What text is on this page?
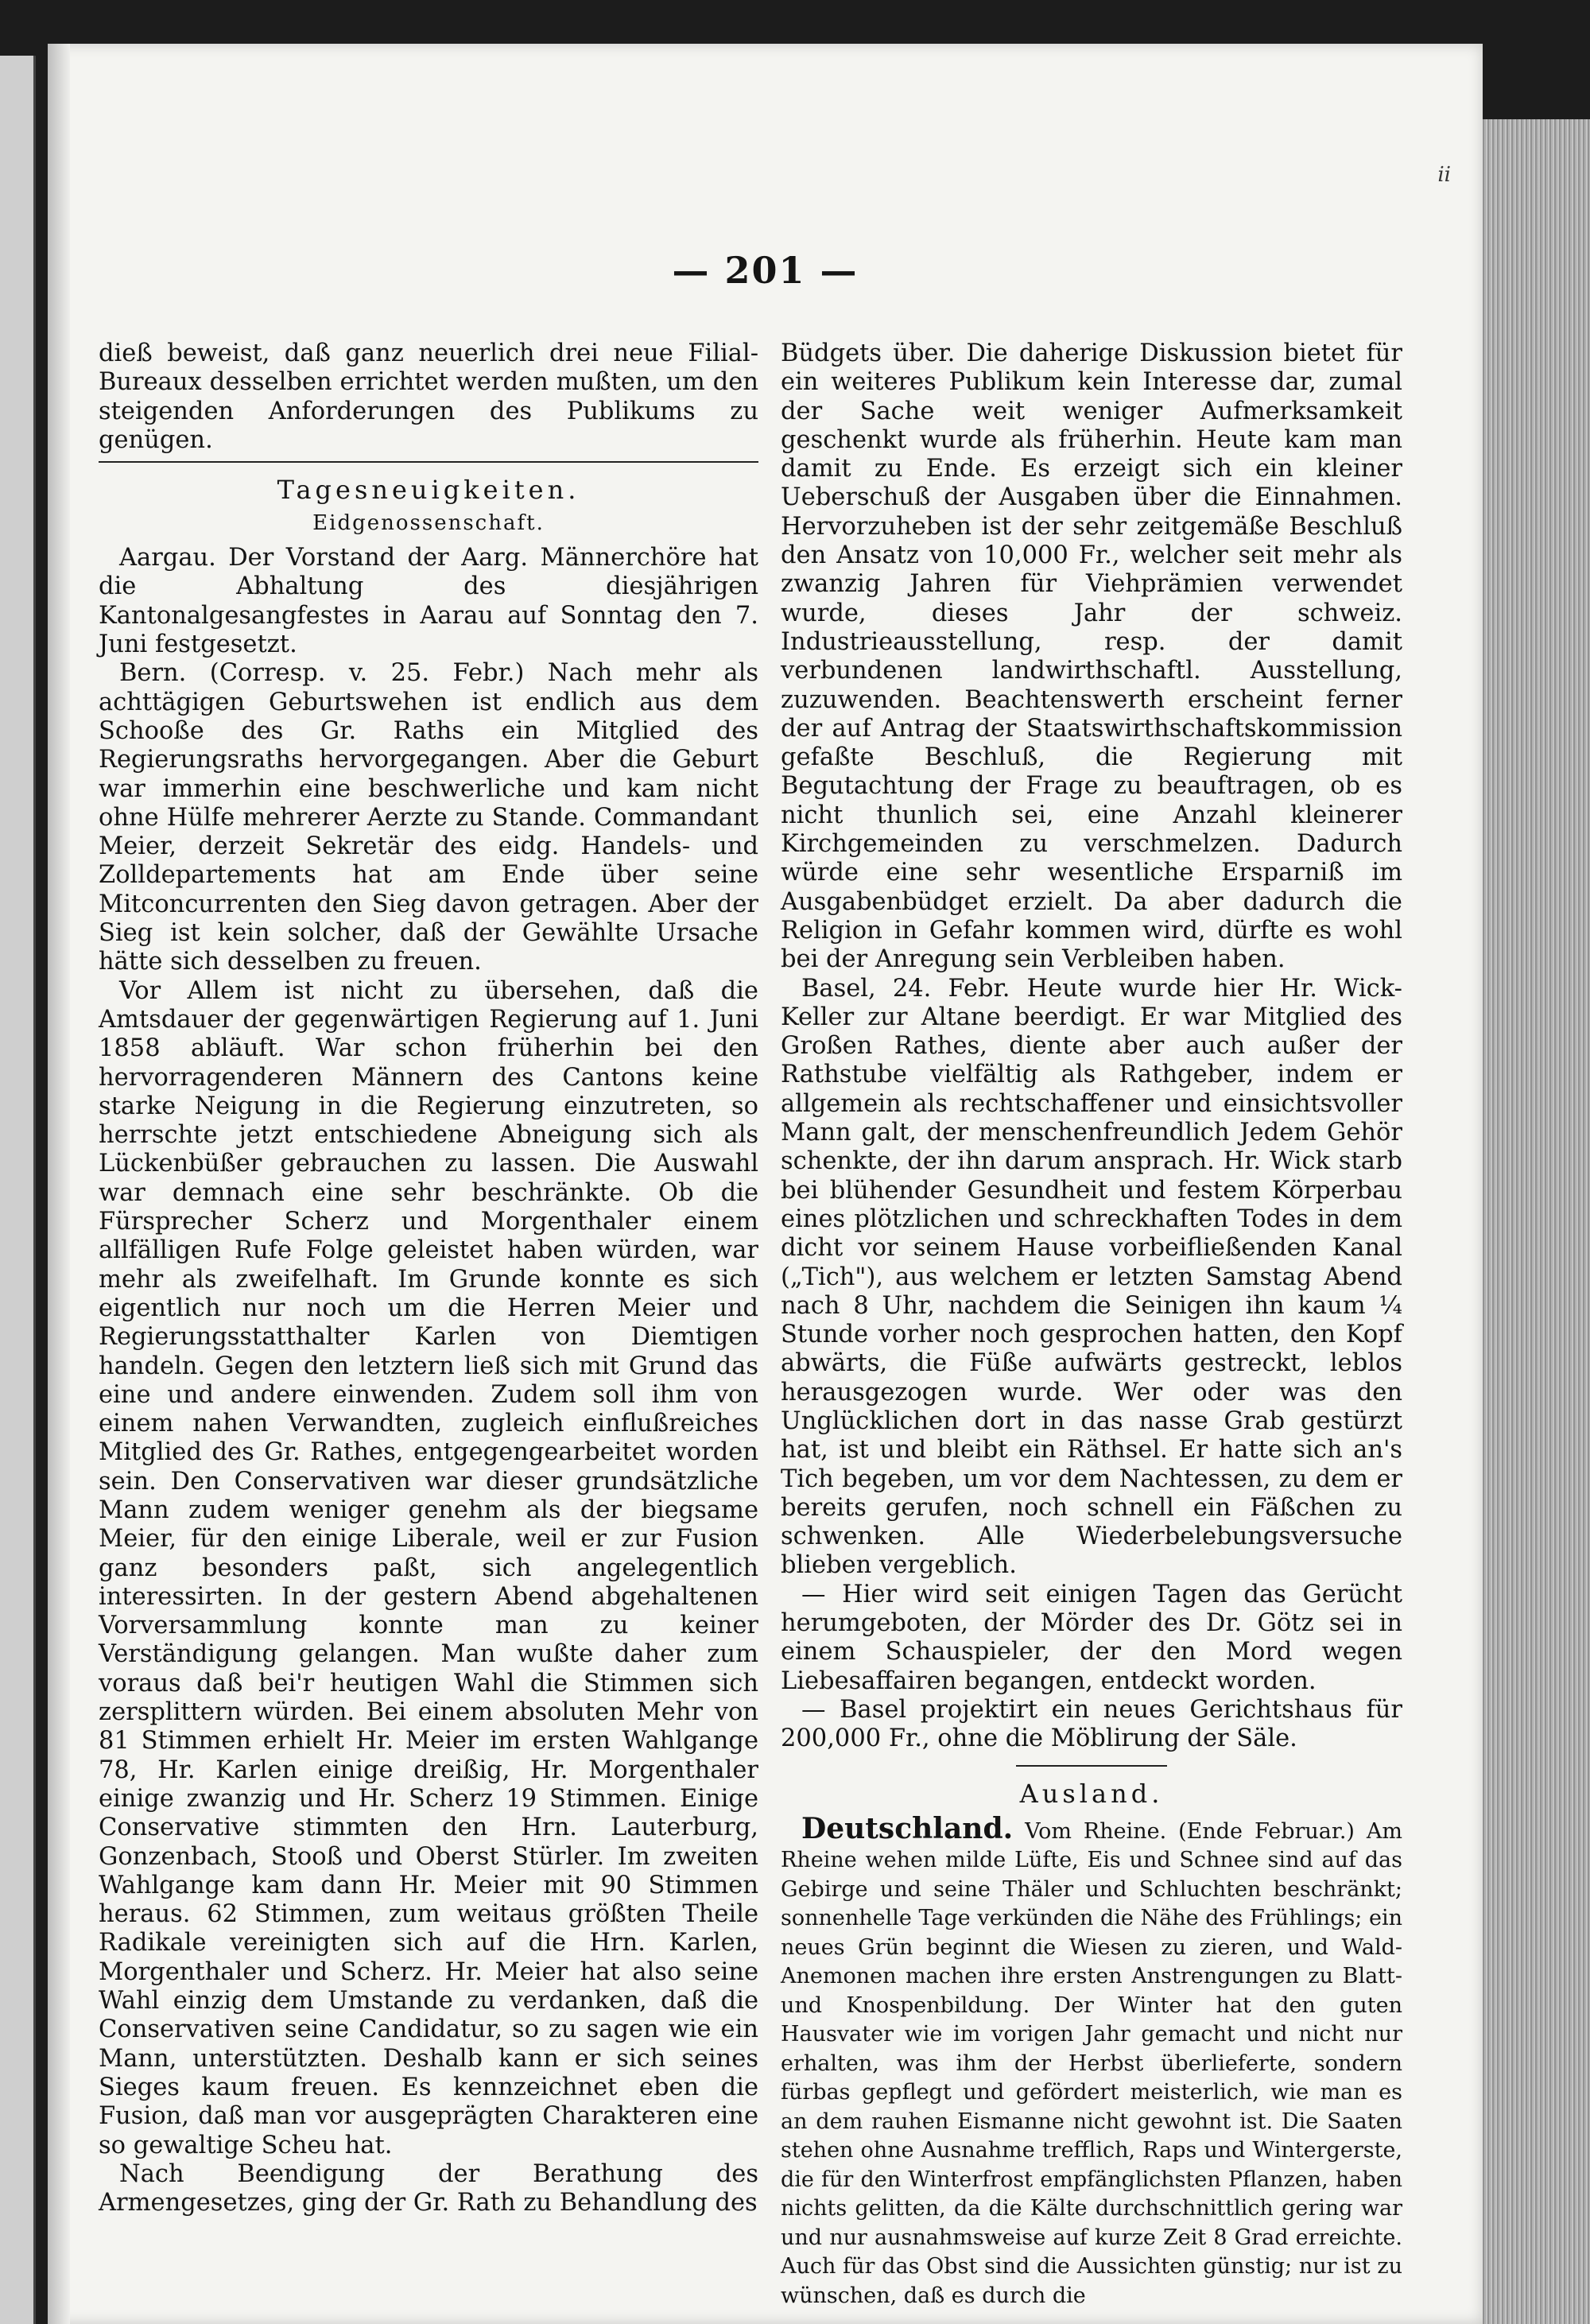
ii
— 201 —

dieß beweist, daß ganz neuerlich drei neue Filial-Bureaux desselben errichtet werden mußten, um den steigenden Anforderungen des Publikums zu genügen.

Tagesneuigkeiten.
Eidgenossenschaft.

Aargau. Der Vorstand der Aarg. Männerchöre hat die Abhaltung des diesjährigen Kantonalgesangfestes in Aarau auf Sonntag den 7. Juni festgesetzt.

Bern. (Corresp. v. 25. Febr.) Nach mehr als achttägigen Geburtswehen ist endlich aus dem Schooße des Gr. Raths ein Mitglied des Regierungsraths hervorgegangen. Aber die Geburt war immerhin eine beschwerliche und kam nicht ohne Hülfe mehrerer Aerzte zu Stande. Commandant Meier, derzeit Sekretär des eidg. Handels- und Zolldepartements hat am Ende über seine Mitconcurrenten den Sieg davon getragen. Aber der Sieg ist kein solcher, daß der Gewählte Ursache hätte sich desselben zu freuen.

Vor Allem ist nicht zu übersehen, daß die Amtsdauer der gegenwärtigen Regierung auf 1. Juni 1858 abläuft. War schon früherhin bei den hervorragenderen Männern des Cantons keine starke Neigung in die Regierung einzutreten, so herrschte jetzt entschiedene Abneigung sich als Lückenbüßer gebrauchen zu lassen. Die Auswahl war demnach eine sehr beschränkte. Ob die Fürsprecher Scherz und Morgenthaler einem allfälligen Rufe Folge geleistet haben würden, war mehr als zweifelhaft. Im Grunde konnte es sich eigentlich nur noch um die Herren Meier und Regierungsstatthalter Karlen von Diemtigen handeln. Gegen den letztern ließ sich mit Grund das eine und andere einwenden. Zudem soll ihm von einem nahen Verwandten, zugleich einflußreiches Mitglied des Gr. Rathes, entgegengearbeitet worden sein. Den Conservativen war dieser grundsätzliche Mann zudem weniger genehm als der biegsame Meier, für den einige Liberale, weil er zur Fusion ganz besonders paßt, sich angelegentlich interessirten. In der gestern Abend abgehaltenen Vorversammlung konnte man zu keiner Verständigung gelangen. Man wußte daher zum voraus daß bei'r heutigen Wahl die Stimmen sich zersplittern würden. Bei einem absoluten Mehr von 81 Stimmen erhielt Hr. Meier im ersten Wahlgange 78, Hr. Karlen einige dreißig, Hr. Morgenthaler einige zwanzig und Hr. Scherz 19 Stimmen. Einige Conservative stimmten den Hrn. Lauterburg, Gonzenbach, Stooß und Oberst Stürler. Im zweiten Wahlgange kam dann Hr. Meier mit 90 Stimmen heraus. 62 Stimmen, zum weitaus größten Theile Radikale vereinigten sich auf die Hrn. Karlen, Morgenthaler und Scherz. Hr. Meier hat also seine Wahl einzig dem Umstande zu verdanken, daß die Conservativen seine Candidatur, so zu sagen wie ein Mann, unterstützten. Deshalb kann er sich seines Sieges kaum freuen. Es kennzeichnet eben die Fusion, daß man vor ausgeprägten Charakteren eine so gewaltige Scheu hat.

Nach Beendigung der Berathung des Armengesetzes, ging der Gr. Rath zu Behandlung des

Büdgets über. Die daherige Diskussion bietet für ein weiteres Publikum kein Interesse dar, zumal der Sache weit weniger Aufmerksamkeit geschenkt wurde als früherhin. Heute kam man damit zu Ende. Es erzeigt sich ein kleiner Ueberschuß der Ausgaben über die Einnahmen. Hervorzuheben ist der sehr zeitgemäße Beschluß den Ansatz von 10,000 Fr., welcher seit mehr als zwanzig Jahren für Viehprämien verwendet wurde, dieses Jahr der schweiz. Industrieausstellung, resp. der damit verbundenen landwirthschaftl. Ausstellung, zuzuwenden. Beachtenswerth erscheint ferner der auf Antrag der Staatswirthschaftskommission gefaßte Beschluß, die Regierung mit Begutachtung der Frage zu beauftragen, ob es nicht thunlich sei, eine Anzahl kleinerer Kirchgemeinden zu verschmelzen. Dadurch würde eine sehr wesentliche Ersparniß im Ausgabenbüdget erzielt. Da aber dadurch die Religion in Gefahr kommen wird, dürfte es wohl bei der Anregung sein Verbleiben haben.

Basel, 24. Febr. Heute wurde hier Hr. Wick-Keller zur Altane beerdigt. Er war Mitglied des Großen Rathes, diente aber auch außer der Rathstube vielfältig als Rathgeber, indem er allgemein als rechtschaffener und einsichtsvoller Mann galt, der menschenfreundlich Jedem Gehör schenkte, der ihn darum ansprach. Hr. Wick starb bei blühender Gesundheit und festem Körperbau eines plötzlichen und schreckhaften Todes in dem dicht vor seinem Hause vorbeifließenden Kanal („Tich"), aus welchem er letzten Samstag Abend nach 8 Uhr, nachdem die Seinigen ihn kaum ¼ Stunde vorher noch gesprochen hatten, den Kopf abwärts, die Füße aufwärts gestreckt, leblos herausgezogen wurde. Wer oder was den Unglücklichen dort in das nasse Grab gestürzt hat, ist und bleibt ein Räthsel. Er hatte sich an's Tich begeben, um vor dem Nachtessen, zu dem er bereits gerufen, noch schnell ein Fäßchen zu schwenken. Alle Wiederbelebungsversuche blieben vergeblich.

— Hier wird seit einigen Tagen das Gerücht herumgeboten, der Mörder des Dr. Götz sei in einem Schauspieler, der den Mord wegen Liebesaffairen begangen, entdeckt worden.

— Basel projektirt ein neues Gerichtshaus für 200,000 Fr., ohne die Möblirung der Säle.

Ausland.

Deutschland. Vom Rheine. (Ende Februar.) Am Rheine wehen milde Lüfte, Eis und Schnee sind auf das Gebirge und seine Thäler und Schluchten beschränkt; sonnenhelle Tage verkünden die Nähe des Frühlings; ein neues Grün beginnt die Wiesen zu zieren, und Wald-Anemonen machen ihre ersten Anstrengungen zu Blatt- und Knospenbildung. Der Winter hat den guten Hausvater wie im vorigen Jahr gemacht und nicht nur erhalten, was ihm der Herbst überlieferte, sondern fürbas gepflegt und gefördert meisterlich, wie man es an dem rauhen Eismanne nicht gewohnt ist. Die Saaten stehen ohne Ausnahme trefflich, Raps und Wintergerste, die für den Winterfrost empfänglichsten Pflanzen, haben nichts gelitten, da die Kälte durchschnittlich gering war und nur ausnahmsweise auf kurze Zeit 8 Grad erreichte. Auch für das Obst sind die Aussichten günstig; nur ist zu wünschen, daß es durch die
